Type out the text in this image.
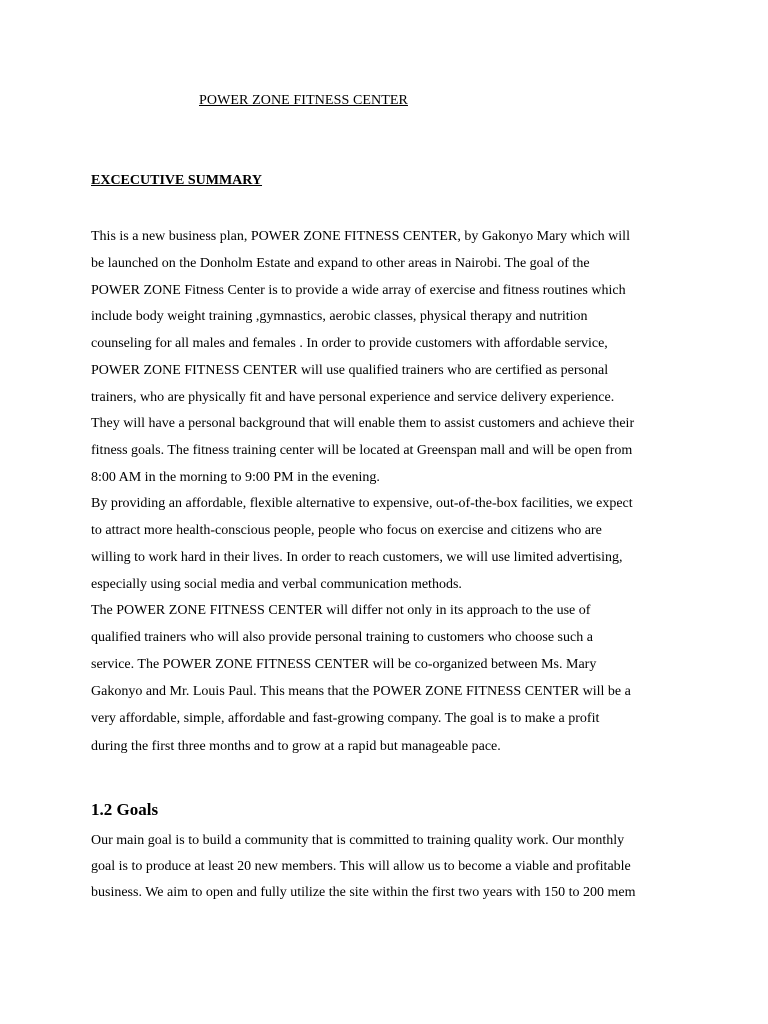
POWER ZONE FITNESS CENTER
EXCECUTIVE SUMMARY
This is a new business plan, POWER ZONE FITNESS CENTER, by Gakonyo Mary which will
be launched on the Donholm Estate and expand to other areas in Nairobi. The goal of the
POWER ZONE Fitness Center is to provide a wide array of exercise and fitness routines which
include body weight training ,gymnastics, aerobic classes, physical therapy and nutrition
counseling for all males and females . In order to provide customers with affordable service,
POWER ZONE FITNESS CENTER will use qualified trainers who are certified as personal
trainers, who are physically fit and have personal experience and service delivery experience.
They will have a personal background that will enable them to assist customers and achieve their
fitness goals. The fitness training center will be located at Greenspan mall and will be open from
8:00 AM in the morning to 9:00 PM in the evening.
By providing an affordable, flexible alternative to expensive, out-of-the-box facilities, we expect
to attract more health-conscious people, people who focus on exercise and citizens who are
willing to work hard in their lives. In order to reach customers, we will use limited advertising,
especially using social media and verbal communication methods.
The POWER ZONE FITNESS CENTER will differ not only in its approach to the use of
qualified trainers who will also provide personal training to customers who choose such a
service. The POWER ZONE FITNESS CENTER will be co-organized between Ms. Mary
Gakonyo and Mr. Louis Paul. This means that the POWER ZONE FITNESS CENTER will be a
very affordable, simple, affordable and fast-growing company. The goal is to make a profit
during the first three months and to grow at a rapid but manageable pace.
1.2 Goals
Our main goal is to build a community that is committed to training quality work. Our monthly
goal is to produce at least 20 new members. This will allow us to become a viable and profitable
business. We aim to open and fully utilize the site within the first two years with 150 to 200 mem
